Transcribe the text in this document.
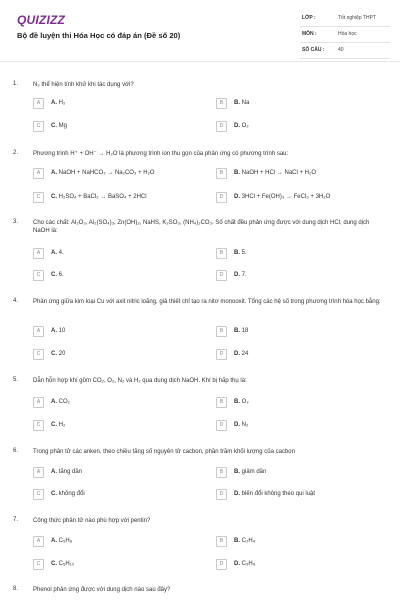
QUIZIZZ
Bộ đề luyện thi Hóa Học có đáp án (Đề số 20)
LỚP :	Tốt nghiệp THPT
MÔN :	Hóa học
SỐ CÂU :	40
1. N₂ thể hiện tính khử khi tác dụng với?
A	A. H₂	B	B. Na
C	C. Mg	D	D. O₂
2. Phương trình H⁺ + OH⁻ → H₂O là phương trình ion thu gọn của phản ứng có phương trình sau:
A	A. NaOH + NaHCO₃ → Na₂CO₃ + H₂O	B	B. NaOH + HCl → NaCl + H₂O
C	C. H₂SO₄ + BaCl₂ → BaSO₄ + 2HCl	D	D. 3HCl + Fe(OH)₃ → FeCl₃ + 3H₂O
3. Cho các chất: Al₂O₃, Al₂(SO₄)₃, Zn(OH)₂, NaHS, K₂SO₃, (NH₄)₂CO₃. Số chất đều phản ứng được với dung dịch HCl, dung dịch NaOH là:
A	A. 4.	B	B. 5.
C	C. 6.	D	D. 7.
4. Phản ứng giữa kim loại Cu với axit nitric loãng, giả thiết chỉ tạo ra nitơ monooxit. Tổng các hệ số trong phương trình hóa học bằng:
A	A. 10	B	B. 18
C	C. 20	D	D. 24
5. Dẫn hỗn hợp khí gồm CO₂, O₂, N₂ và H₂ qua dung dịch NaOH. Khí bị hấp thụ là:
A	A. CO₂	B	B. O₂
C	C. H₂	D	D. N₂
6. Trong phân tử các anken, theo chiều tăng số nguyên tử cacbon, phần trăm khối lượng của cacbon
A	A. tăng dần	B	B. giảm dần
C	C. không đổi	D	D. biến đổi không theo qui luật
7. Công thức phân tử nào phù hợp với pentin?
A	A. C₅H₈	B	B. C₂H₄
C	C. C₅H₁₀	D	D. C₅H₈
8. Phenol phản ứng được với dung dịch nào sau đây?
